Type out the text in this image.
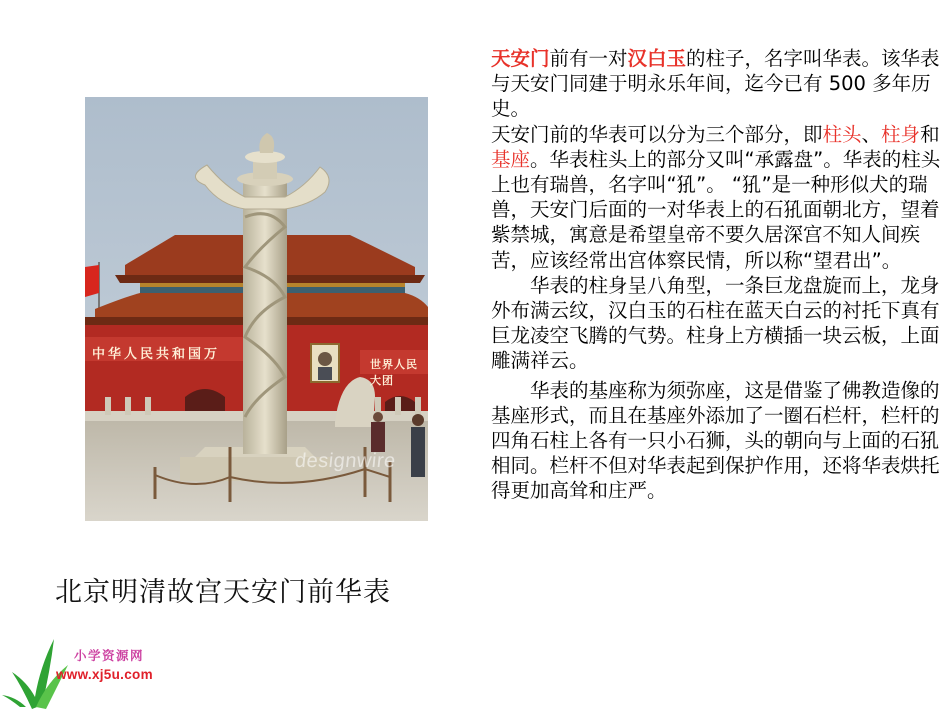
中华人民共和国万
世界人民大团
designwire
北京明清故宫天安门前华表

天安门前有一对汉白玉的柱子，名字叫华表。该华表与天安门同建于明永乐年间，迄今已有 500 多年历史。

天安门前的华表可以分为三个部分，即柱头、柱身和基座。华表柱头上的部分又叫“承露盘”。华表的柱头上也有瑞兽，名字叫“犼”。 “犼”是一种形似犬的瑞兽，天安门后面的一对华表上的石犼面朝北方，望着紫禁城，寓意是希望皇帝不要久居深宫不知人间疾苦，应该经常出宫体察民情，所以称“望君出”。

华表的柱身呈八角型，一条巨龙盘旋而上，龙身外布满云纹，汉白玉的石柱在蓝天白云的衬托下真有巨龙凌空飞腾的气势。柱身上方横插一块云板，上面雕满祥云。

华表的基座称为须弥座，这是借鉴了佛教造像的基座形式，而且在基座外添加了一圈石栏杆，栏杆的四角石柱上各有一只小石狮，头的朝向与上面的石犼相同。栏杆不但对华表起到保护作用，还将华表烘托得更加高耸和庄严。

小学资源网
www.xj5u.com
